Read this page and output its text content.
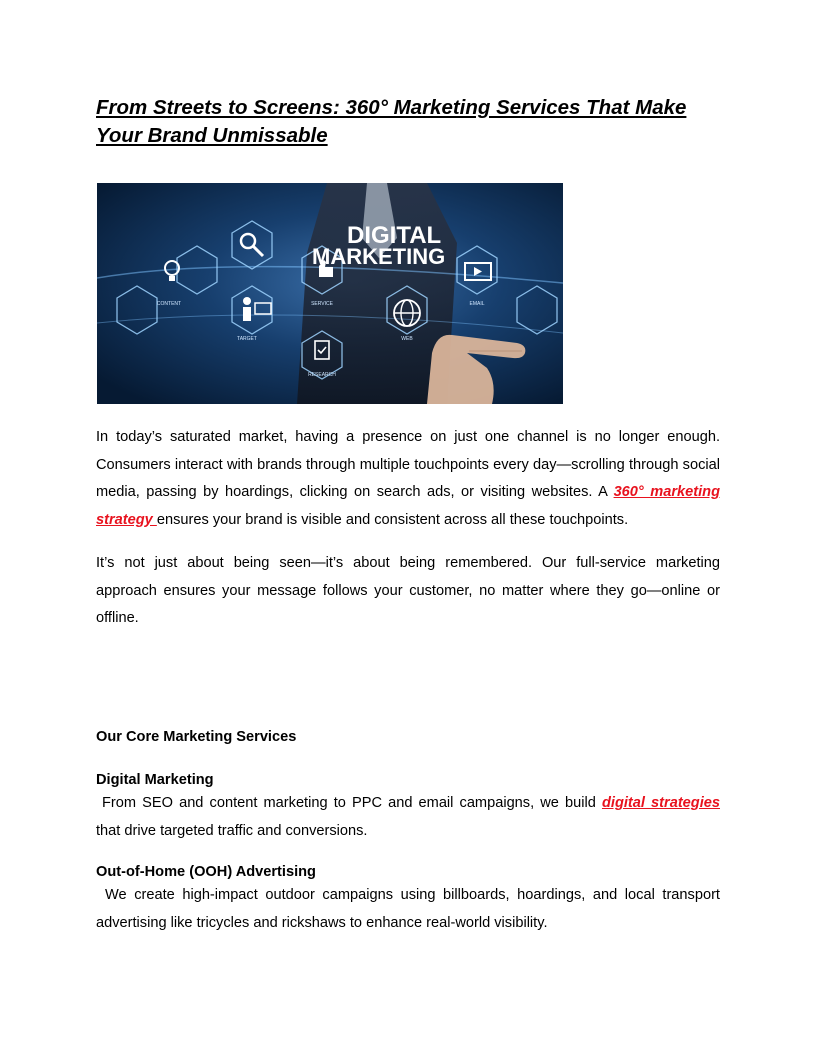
From Streets to Screens: 360° Marketing Services That Make Your Brand Unmissable
CONTENT	SERVICE	EMAIL
TARGET	WEB
RESEARCH
DIGITAL
MARKETING

In today’s saturated market, having a presence on just one channel is no longer enough. Consumers interact with brands through multiple touchpoints every day—scrolling through social media, passing by hoardings, clicking on search ads, or visiting websites. A 360° marketing strategy ensures your brand is visible and consistent across all these touchpoints.

It’s not just about being seen—it’s about being remembered. Our full-service marketing approach ensures your message follows your customer, no matter where they go—online or offline.

Our Core Marketing Services

Digital Marketing

From SEO and content marketing to PPC and email campaigns, we build digital strategies that drive targeted traffic and conversions.

Out-of-Home (OOH) Advertising

We create high-impact outdoor campaigns using billboards, hoardings, and local transport advertising like tricycles and rickshaws to enhance real-world visibility.
